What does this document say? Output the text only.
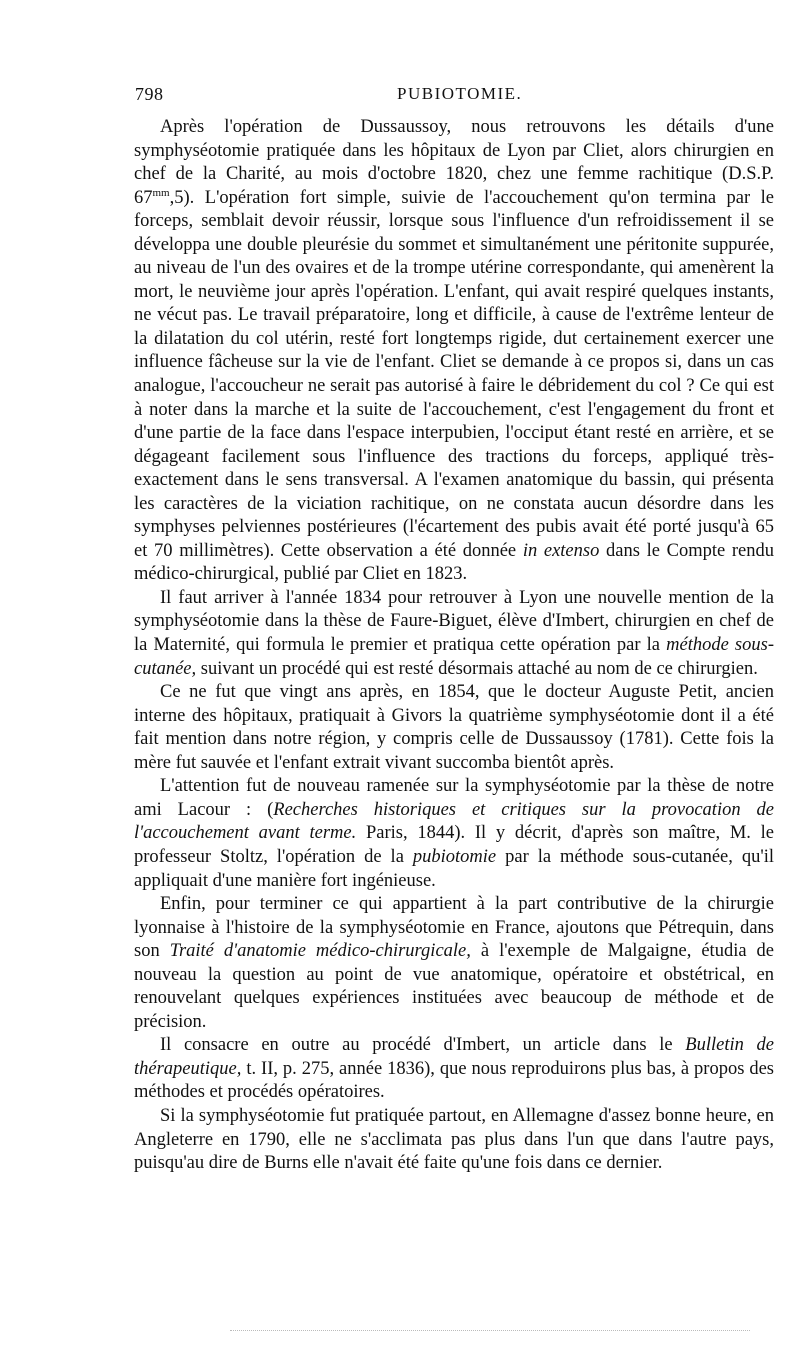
798	PUBIOTOMIE.

Après l'opération de Dussaussoy, nous retrouvons les détails d'une symphyséotomie pratiquée dans les hôpitaux de Lyon par Cliet, alors chirurgien en chef de la Charité, au mois d'octobre 1820, chez une femme rachitique (D.S.P. $67^{mm},5$). L'opération fort simple, suivie de l'accouchement qu'on termina par le forceps, semblait devoir réussir, lorsque sous l'influence d'un refroidissement il se développa une double pleurésie du sommet et simultanément une péritonite suppurée, au niveau de l'un des ovaires et de la trompe utérine correspondante, qui amenèrent la mort, le neuvième jour après l'opération. L'enfant, qui avait respiré quelques instants, ne vécut pas. Le travail préparatoire, long et difficile, à cause de l'extrême lenteur de la dilatation du col utérin, resté fort longtemps rigide, dut certainement exercer une influence fâcheuse sur la vie de l'enfant. Cliet se demande à ce propos si, dans un cas analogue, l'accoucheur ne serait pas autorisé à faire le débridement du col ? Ce qui est à noter dans la marche et la suite de l'accouchement, c'est l'engagement du front et d'une partie de la face dans l'espace interpubien, l'occiput étant resté en arrière, et se dégageant facilement sous l'influence des tractions du forceps, appliqué très-exactement dans le sens transversal. A l'examen anatomique du bassin, qui présenta les caractères de la viciation rachitique, on ne constata aucun désordre dans les symphyses pelviennes postérieures (l'écartement des pubis avait été porté jusqu'à 65 et 70 millimètres). Cette observation a été donnée in extenso dans le Compte rendu médico-chirurgical, publié par Cliet en 1823.

Il faut arriver à l'année 1834 pour retrouver à Lyon une nouvelle mention de la symphyséotomie dans la thèse de Faure-Biguet, élève d'Imbert, chirurgien en chef de la Maternité, qui formula le premier et pratiqua cette opération par la méthode sous-cutanée, suivant un procédé qui est resté désormais attaché au nom de ce chirurgien.

Ce ne fut que vingt ans après, en 1854, que le docteur Auguste Petit, ancien interne des hôpitaux, pratiquait à Givors la quatrième symphyséotomie dont il a été fait mention dans notre région, y compris celle de Dussaussoy (1781). Cette fois la mère fut sauvée et l'enfant extrait vivant succomba bientôt après.

L'attention fut de nouveau ramenée sur la symphyséotomie par la thèse de notre ami Lacour : (Recherches historiques et critiques sur la provocation de l'accouchement avant terme. Paris, 1844). Il y décrit, d'après son maître, M. le professeur Stoltz, l'opération de la pubiotomie par la méthode sous-cutanée, qu'il appliquait d'une manière fort ingénieuse.

Enfin, pour terminer ce qui appartient à la part contributive de la chirurgie lyonnaise à l'histoire de la symphyséotomie en France, ajoutons que Pétrequin, dans son Traité d'anatomie médico-chirurgicale, à l'exemple de Malgaigne, étudia de nouveau la question au point de vue anatomique, opératoire et obstétrical, en renouvelant quelques expériences instituées avec beaucoup de méthode et de précision.

Il consacre en outre au procédé d'Imbert, un article dans le Bulletin de thérapeutique, t. II, p. 275, année 1836), que nous reproduirons plus bas, à propos des méthodes et procédés opératoires.

Si la symphyséotomie fut pratiquée partout, en Allemagne d'assez bonne heure, en Angleterre en 1790, elle ne s'acclimata pas plus dans l'un que dans l'autre pays, puisqu'au dire de Burns elle n'avait été faite qu'une fois dans ce dernier.
